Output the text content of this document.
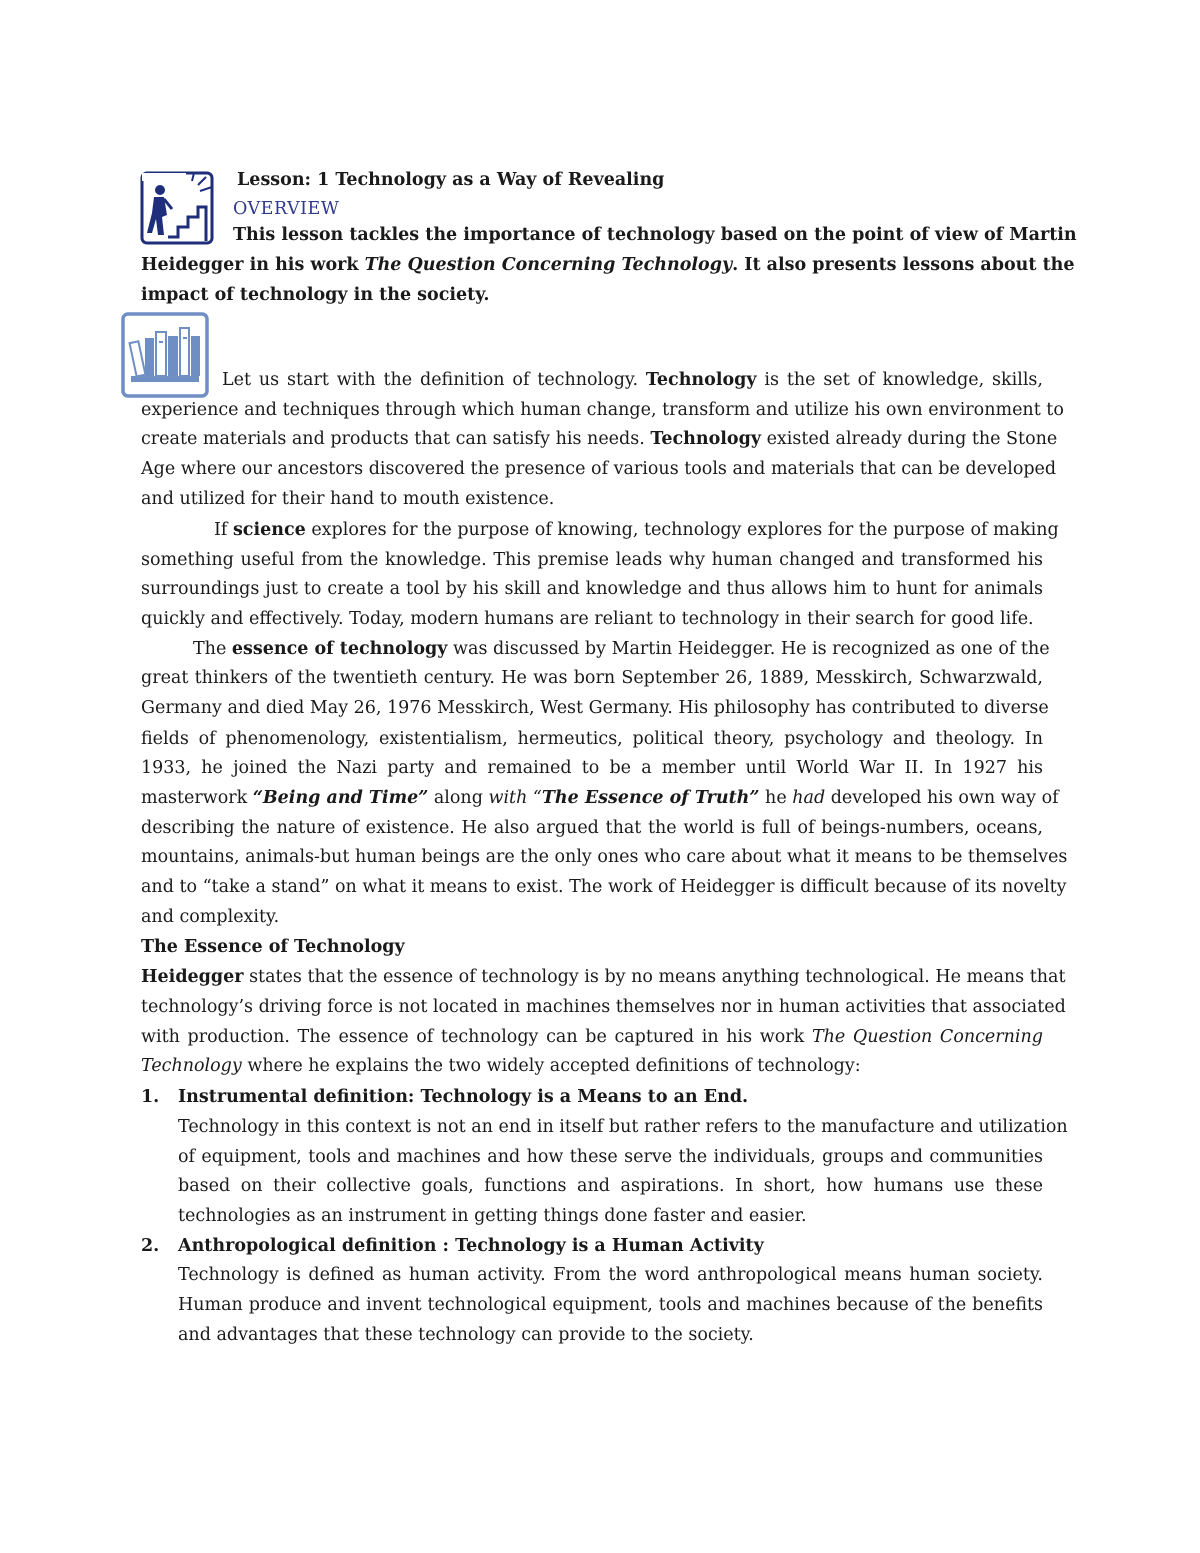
Lesson: 1 Technology as a Way of Revealing
OVERVIEW
This lesson tackles the importance of technology based on the point of view of Martin
Heidegger in his work The Question Concerning Technology. It also presents lessons about the
impact of technology in the society.
Let us start with the definition of technology. Technology is the set of knowledge, skills,
experience and techniques through which human change, transform and utilize his own environment to
create materials and products that can satisfy his needs. Technology existed already during the Stone
Age where our ancestors discovered the presence of various tools and materials that can be developed
and utilized for their hand to mouth existence.
If science explores for the purpose of knowing, technology explores for the purpose of making
something useful from the knowledge. This premise leads why human changed and transformed his
surroundings just to create a tool by his skill and knowledge and thus allows him to hunt for animals
quickly and effectively. Today, modern humans are reliant to technology in their search for good life.
The essence of technology was discussed by Martin Heidegger. He is recognized as one of the
great thinkers of the twentieth century. He was born September 26, 1889, Messkirch, Schwarzwald,
Germany and died May 26, 1976 Messkirch, West Germany. His philosophy has contributed to diverse
fields of phenomenology, existentialism, hermeutics, political theory, psychology and theology. In
1933, he joined the Nazi party and remained to be a member until World War II. In 1927 his
masterwork “Being and Time” along with “The Essence of Truth” he had developed his own way of
describing the nature of existence. He also argued that the world is full of beings-numbers, oceans,
mountains, animals-but human beings are the only ones who care about what it means to be themselves
and to “take a stand” on what it means to exist. The work of Heidegger is difficult because of its novelty
and complexity.
The Essence of Technology
Heidegger states that the essence of technology is by no means anything technological. He means that
technology’s driving force is not located in machines themselves nor in human activities that associated
with production. The essence of technology can be captured in his work The Question Concerning
Technology where he explains the two widely accepted definitions of technology:
1. Instrumental definition: Technology is a Means to an End.
Technology in this context is not an end in itself but rather refers to the manufacture and utilization
of equipment, tools and machines and how these serve the individuals, groups and communities
based on their collective goals, functions and aspirations. In short, how humans use these
technologies as an instrument in getting things done faster and easier.
2. Anthropological definition : Technology is a Human Activity
Technology is defined as human activity. From the word anthropological means human society.
Human produce and invent technological equipment, tools and machines because of the benefits
and advantages that these technology can provide to the society.
